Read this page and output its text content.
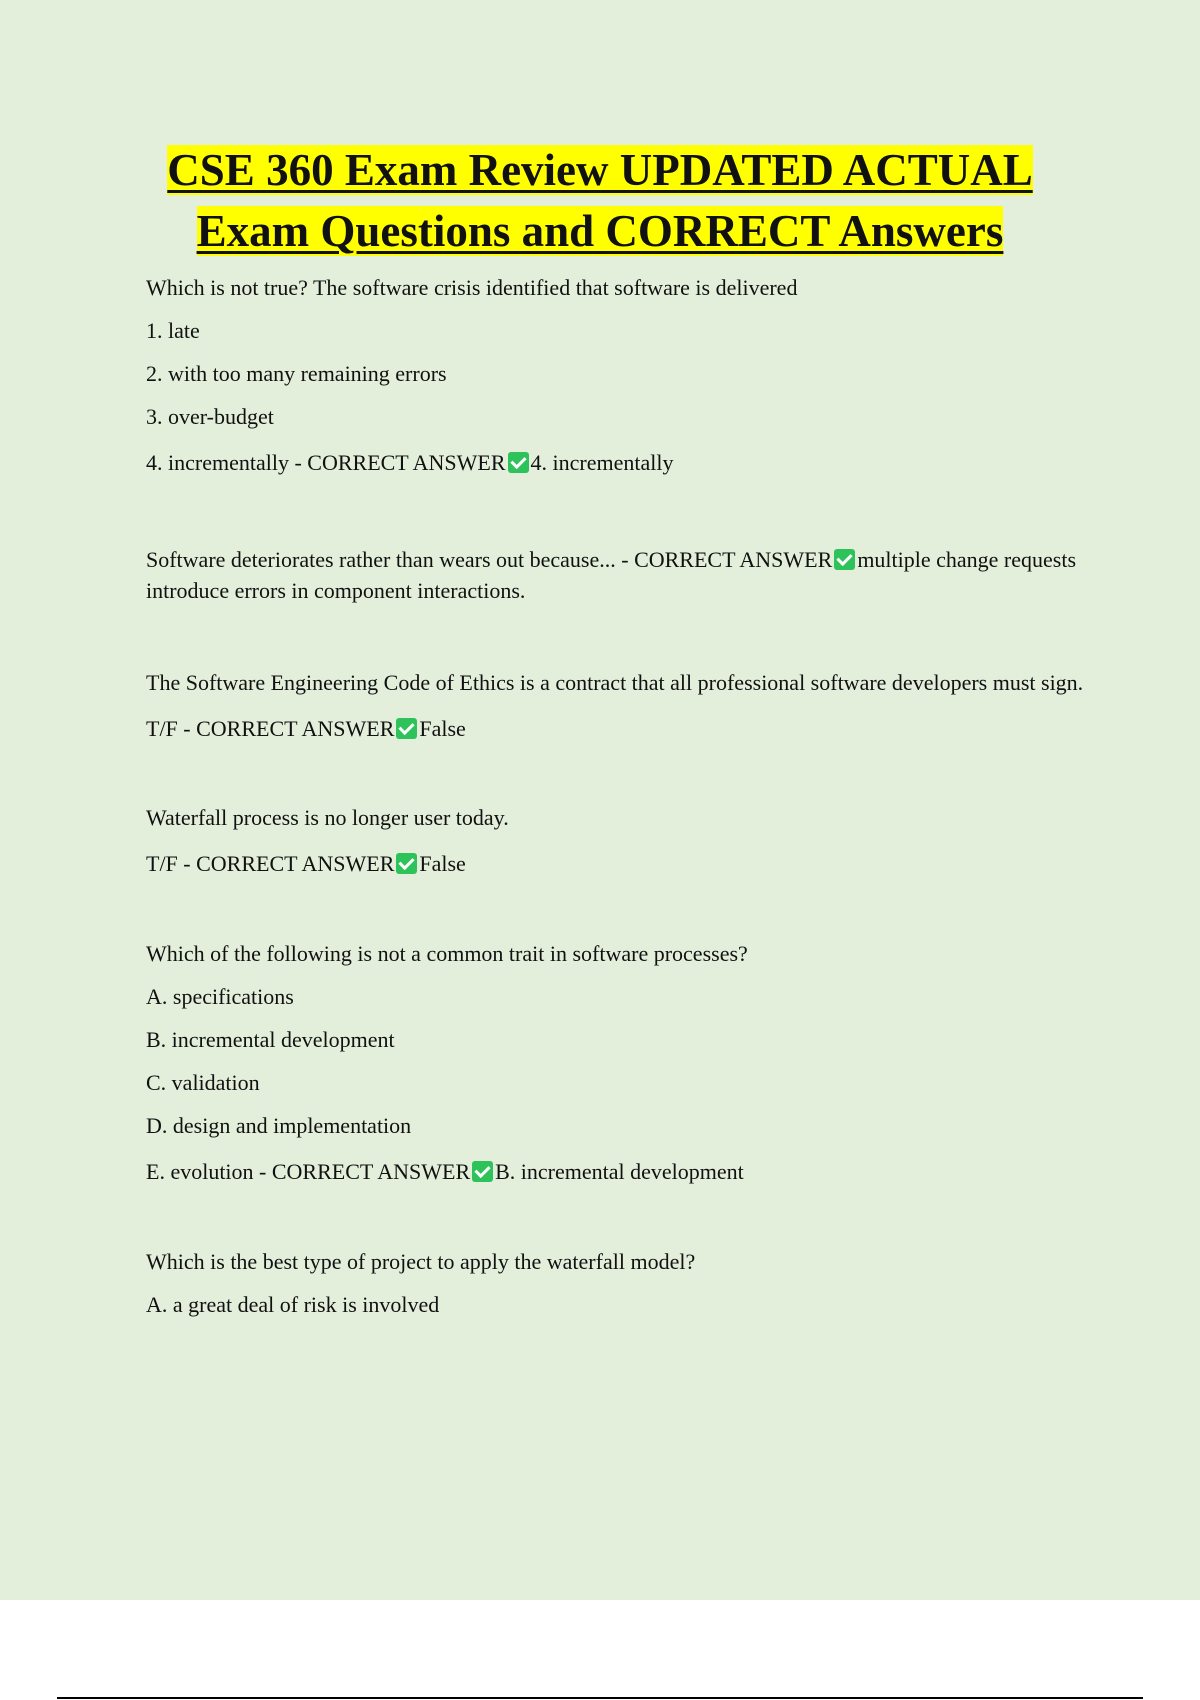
CSE 360 Exam Review UPDATED ACTUAL
Exam Questions and CORRECT Answers

Which is not true? The software crisis identified that software is delivered

1. late

2. with too many remaining errors

3. over-budget

4. incrementally - CORRECT ANSWER 4. incrementally

Software deteriorates rather than wears out because... - CORRECT ANSWER multiple change requests introduce errors in component interactions.

The Software Engineering Code of Ethics is a contract that all professional software developers must sign.

T/F - CORRECT ANSWER False

Waterfall process is no longer user today.

T/F - CORRECT ANSWER False

Which of the following is not a common trait in software processes?

A. specifications

B. incremental development

C. validation

D. design and implementation

E. evolution - CORRECT ANSWER B. incremental development

Which is the best type of project to apply the waterfall model?

A. a great deal of risk is involved
